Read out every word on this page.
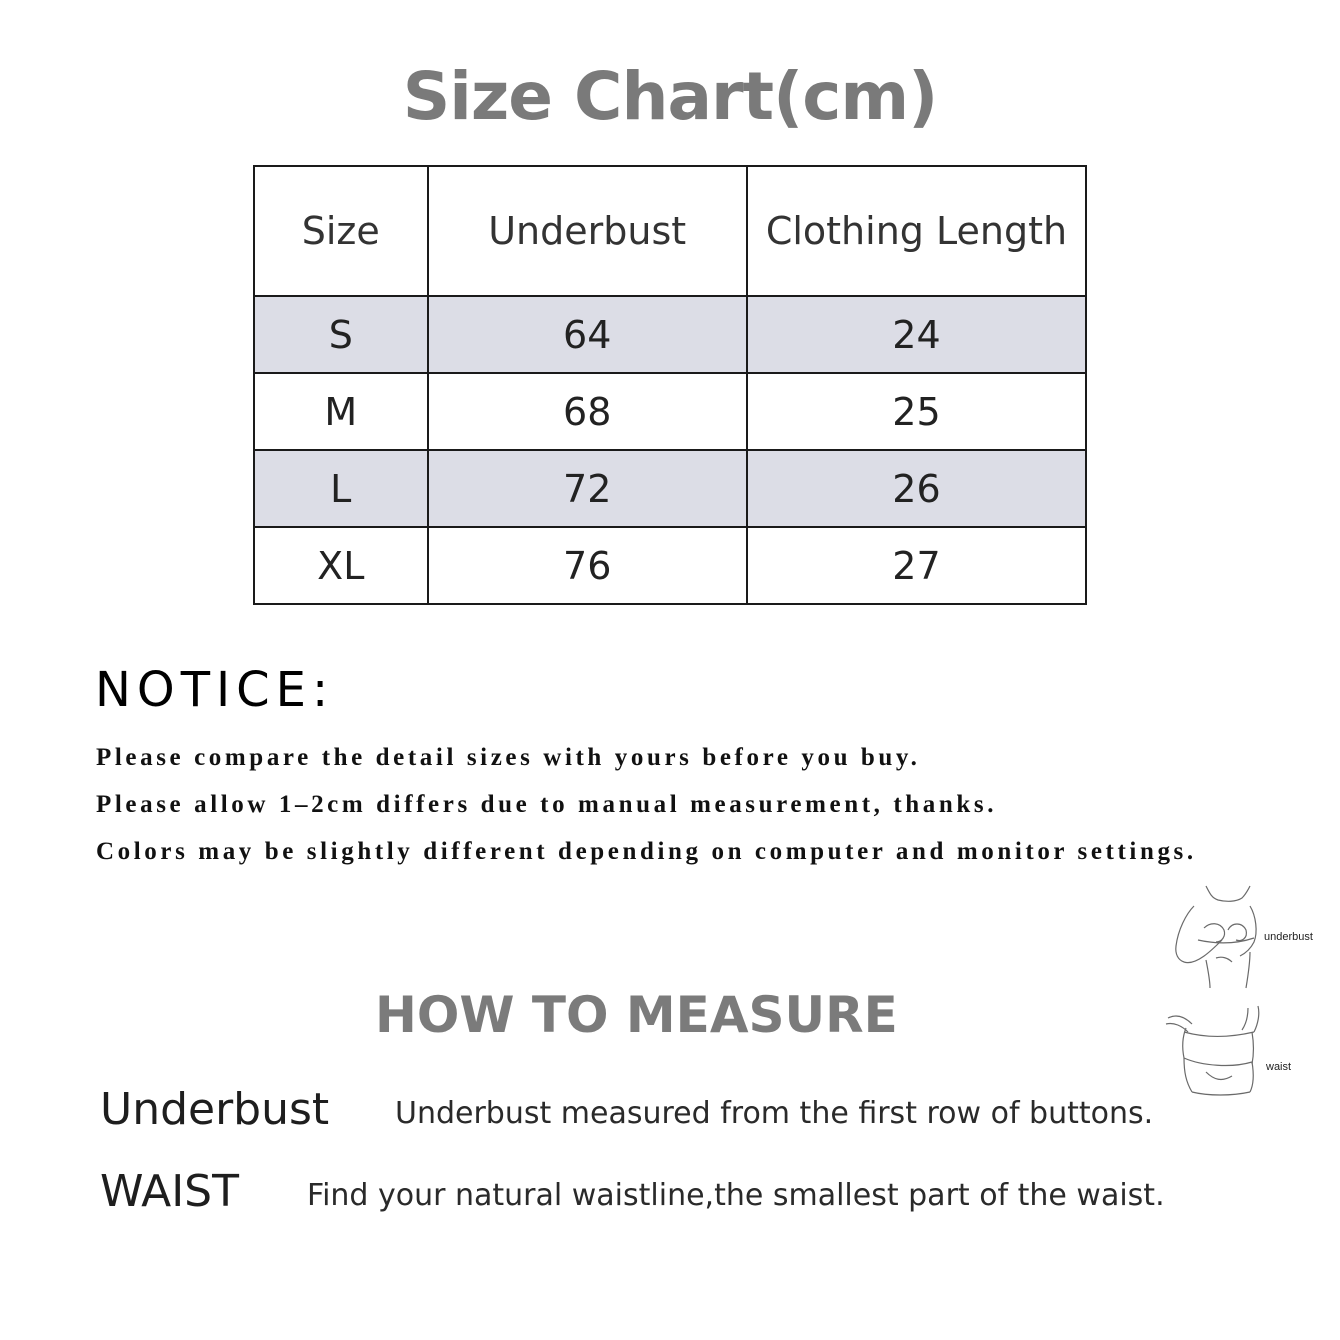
Size Chart(cm)
Size	Underbust	Clothing Length
S	64	24
M	68	25
L	72	26
XL	76	27
NOTICE:
Please compare the detail sizes with yours before you buy.
Please allow 1–2cm differs due to manual measurement, thanks.
Colors may be slightly different depending on computer and monitor settings.
underbust
waist
HOW TO MEASURE
Underbust Underbust measured from the first row of buttons.
WAIST Find your natural waistline,the smallest part of the waist.
